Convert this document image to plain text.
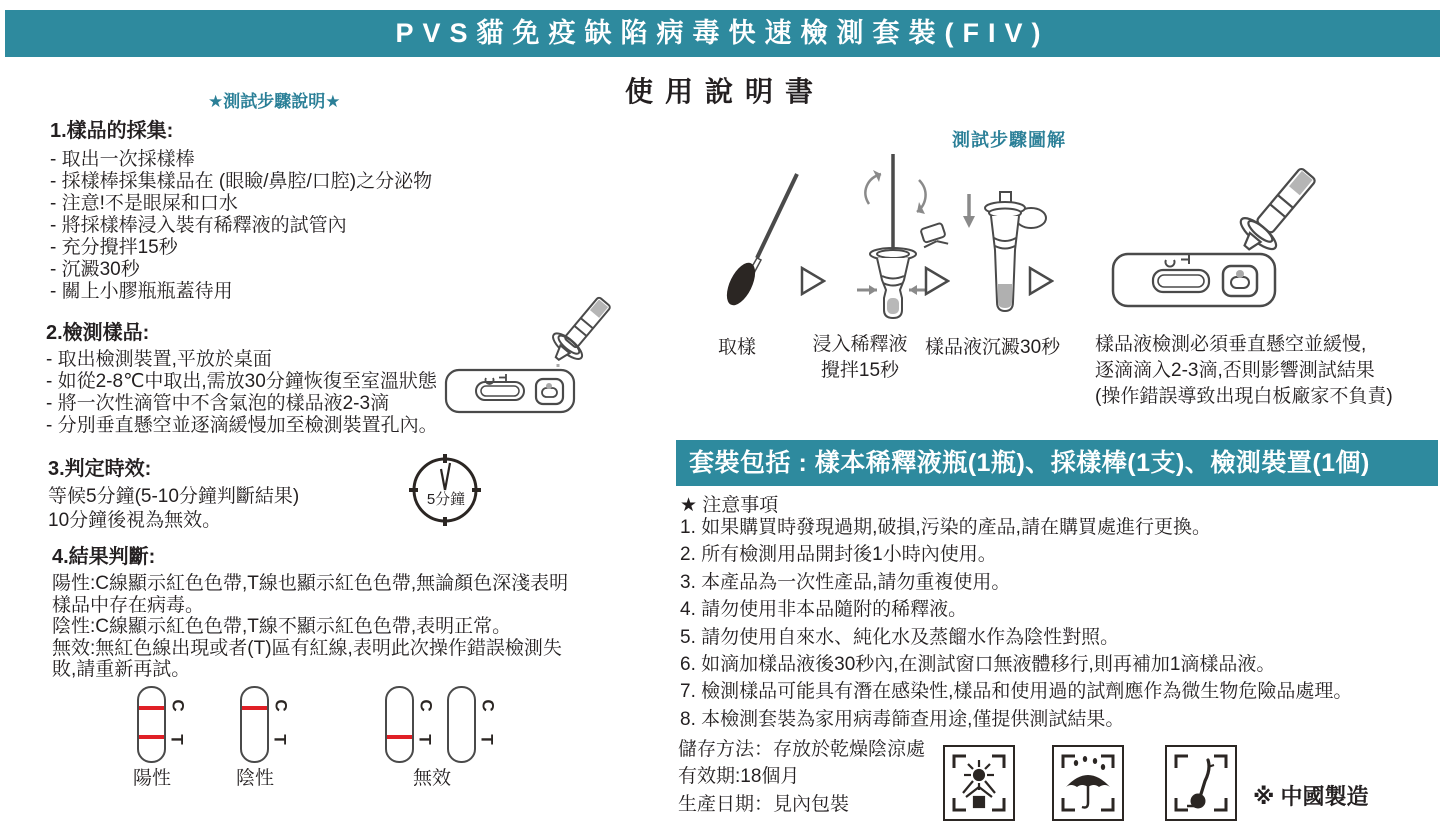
PVS貓免疫缺陷病毒快速檢測套裝(FIV)
★測試步驟說明★	使用說明書
測試步驟圖解
1.樣品的採集:
- 取出一次採樣棒
- 採樣棒採集樣品在 (眼瞼/鼻腔/口腔)之分泌物
- 注意!不是眼屎和口水
- 將採樣棒浸入裝有稀釋液的試管內
- 充分攪拌15秒
- 沉澱30秒
- 關上小膠瓶瓶蓋待用
2.檢測樣品:
- 取出檢測裝置,平放於桌面
- 如從2-8℃中取出,需放30分鐘恢復至室溫狀態
- 將一次性滴管中不含氣泡的樣品液2-3滴
- 分別垂直懸空並逐滴緩慢加至檢測裝置孔內。
3.判定時效:
等候5分鐘(5-10分鐘判斷結果)
10分鐘後視為無效。
5分鐘
4.結果判斷:
陽性:C線顯示紅色色帶,T線也顯示紅色色帶,無論顏色深淺表明
樣品中存在病毒。
陰性:C線顯示紅色色帶,T線不顯示紅色色帶,表明正常。
無效:無紅色線出現或者(T)區有紅線,表明此次操作錯誤檢測失
敗,請重新再試。
C
T
陽性
C
T
陰性
C
T
C
T
無效
取樣	浸入稀釋液
攪拌15秒
樣品液沉澱30秒 樣品液檢測必須垂直懸空並緩慢,
逐滴滴入2-3滴,否則影響測試結果
(操作錯誤導致出現白板廠家不負責)
套裝包括 : 樣本稀釋液瓶(1瓶)、採樣棒(1支)、檢測裝置(1個)
★ 注意事項
1. 如果購買時發現過期,破損,污染的產品,請在購買處進行更換。
2. 所有檢測用品開封後1小時內使用。
3. 本產品為一次性產品,請勿重複使用。
4. 請勿使用非本品隨附的稀釋液。
5. 請勿使用自來水、純化水及蒸餾水作為陰性對照。
6. 如滴加樣品液後30秒內,在測試窗口無液體移行,則再補加1滴樣品液。
7. 檢測樣品可能具有潛在感染性,樣品和使用過的試劑應作為微生物危險品處理。
8. 本檢測套裝為家用病毒篩查用途,僅提供測試結果。
儲存方法：存放於乾燥陰涼處
有效期:18個月
生產日期：見內包裝	※ 中國製造
